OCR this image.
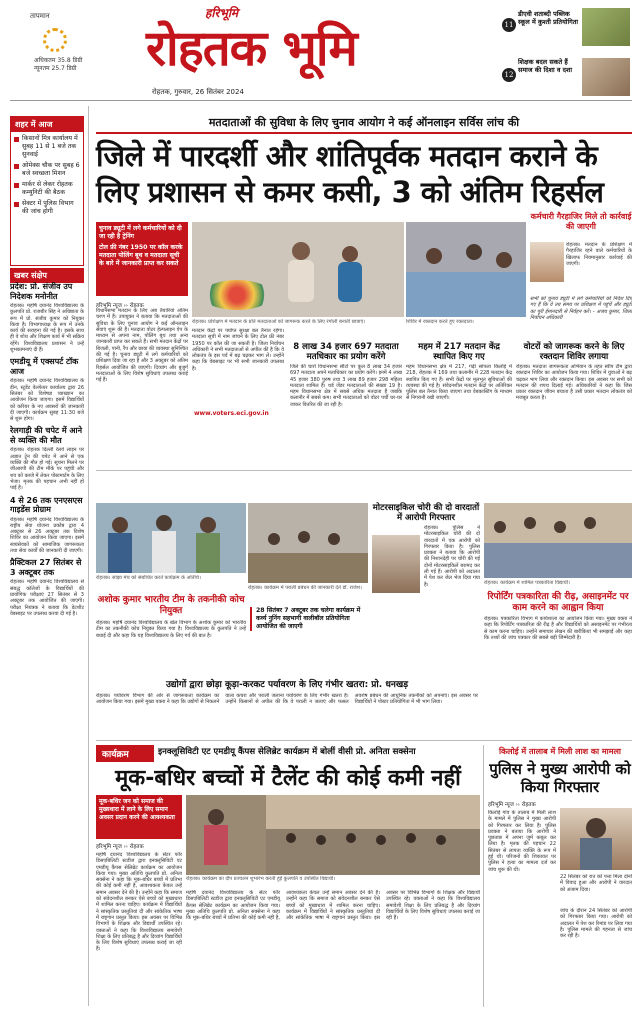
तापमान
अधिकतम 35.8 डिग्री
न्यूनतम 25.7 डिग्री
हरिभूमि
रोहतक भूमि
रोहतक, गुरुवार, 26 सितंबर 2024
11
डीएवी शताब्दी पब्लिक स्कूल में कुश्ती प्रतियोगिता
12
शिक्षक बदल सकते हैं समाज की दिशा व दशा
शहर में आज
किसानों मित्र कार्यालय में सुबह 11 से 1 बजे तक सुनवाई
ओमेक्स चौक पर सुबह 6 बजे स्वच्छता मिशन
मार्कर से लेकर रोहतक कम्युनिटी की बैठक
सेक्टर में पुलिस विभाग की जांच होगी
खबर संक्षेप
प्रदेश: प्रो. संजीव उप निदेशक मनोनीत
रोहतक। महर्षि दयानंद विश्वविद्यालय के कुलपति प्रो. राजबीर सिंह ने अधिष्ठाता के रूप में प्रो. संजीव कुमार को नियुक्त किया है। विभागाध्यक्ष के रूप में उनके कार्य की सराहना की गई है। इसके साथ ही वे शोध और शिक्षण कार्य में भी सक्रिय रहेंगे। विश्वविद्यालय प्रशासन ने उन्हें शुभकामनाएं दी हैं।
एमडीयू में एक्सपर्ट टॉक आज
रोहतक। महर्षि दयानंद विश्वविद्यालय के डीन, स्टूडेंट वेलफेयर कार्यालय द्वारा 26 सितंबर को विशेषज्ञ व्याख्यान का आयोजन किया जाएगा। इसमें विद्यार्थियों को करियर के नए अवसरों की जानकारी दी जाएगी। कार्यक्रम सुबह 11:30 बजे से शुरू होगा।
रेलगाड़ी की चपेट में आने से व्यक्ति की मौत
रोहतक। रोहतक दिल्ली रेलवे लाइन पर अज्ञात ट्रेन की चपेट में आने से एक व्यक्ति की मौत हो गई। सूचना मिलने पर जीआरपी की टीम मौके पर पहुंची और शव को कब्जे में लेकर पोस्टमार्टम के लिए भेजा। मृतक की पहचान अभी नहीं हो पाई है।
4 से 26 तक एनएसएस गाइडेंस प्रोग्राम
रोहतक। महर्षि दयानंद विश्वविद्यालय के राष्ट्रीय सेवा योजना प्रकोष्ठ द्वारा 4 अक्टूबर से 26 अक्टूबर तक विशेष शिविर का आयोजन किया जाएगा। इसमें स्वयंसेवकों को सामाजिक जागरूकता तथा सेवा कार्यों की जानकारी दी जाएगी।
प्रैक्टिकल 27 सितंबर से 3 अक्टूबर तक
रोहतक। महर्षि दयानंद विश्वविद्यालय से संबद्ध कॉलेजों के विद्यार्थियों की प्रायोगिक परीक्षाएं 27 सितंबर से 3 अक्टूबर तक आयोजित की जाएंगी। परीक्षा नियंत्रक ने बताया कि डेटशीट वेबसाइट पर उपलब्ध करवा दी गई है।
मतदाताओं की सुविधा के लिए चुनाव आयोग ने कई ऑनलाइन सर्विस लांच की
जिले में पारदर्शी और शांतिपूर्वक मतदान कराने के लिए प्रशासन से कमर कसी, 3 को अंतिम रिहर्सल
चुनाव ड्यूटी में लगे कर्मचारियों को दी जा रही है ट्रेनिंग
टोल फ्री नंबर 1950 पर कॉल करके मतदाता पोलिंग बूथ व मतदाता सूची के बारे में जानकारी प्राप्त कर सकते
हरिभूमि न्यूज ›› रोहतक
रोहतक। प्रशिक्षण में मतदान के प्रति मतदाताओं को जागरूक करते के लिए रंगोली बनाती छात्राएं।	शिविर में रक्तदान करते हुए रक्तदाता।
कर्मचारी गैरहाजिर मिले तो कार्रवाई की जाएगी
रोहतक। मतदान के प्रशिक्षण में गैरहाजिर रहने वाले कर्मचारियों के खिलाफ नियमानुसार कार्रवाई की जाएगी।
सभी को चुनाव ड्यूटी में लगे कर्मचारियों को निर्देश दिए गए हैं कि वे तय समय पर प्रशिक्षण में पहुंचें और ड्यूटी का पूरी ईमानदारी से निर्वहन करें। - अजय कुमार, जिला निर्वाचन अधिकारी
विधानसभा मतदान के लिए अब तैयारियां अंतिम चरण में हैं। उपायुक्त ने बताया कि मतदाताओं की सुविधा के लिए चुनाव आयोग ने कई ऑनलाइन सेवाएं शुरू की हैं। मतदाता वोटर हेल्पलाइन ऐप के माध्यम से अपना नाम, पोलिंग बूथ तथा अन्य जानकारी प्राप्त कर सकते हैं। सभी मतदान केंद्रों पर बिजली, पानी, रैंप और छाया की व्यवस्था सुनिश्चित की गई है। चुनाव ड्यूटी में लगे कर्मचारियों को प्रशिक्षण दिया जा रहा है और 3 अक्टूबर को अंतिम रिहर्सल आयोजित की जाएगी। दिव्यांग और बुजुर्ग मतदाताओं के लिए विशेष सुविधाएं उपलब्ध कराई गई हैं।
मतदान केंद्रों पर पर्याप्त सुरक्षा बल तैनात रहेगा। मतदाता सूची में नाम जांचने के लिए टोल फ्री नंबर 1950 पर कॉल की जा सकती है। जिला निर्वाचन अधिकारी ने सभी मतदाताओं से अपील की है कि वे लोकतंत्र के इस पर्व में बढ़ चढ़कर भाग लें। उन्होंने कहा कि वेबसाइट पर भी सभी जानकारी उपलब्ध है।
www.voters.eci.gov.in
8 लाख 34 हजार 697 मतदाता मतधिकार का प्रयोग करेंगे
जिले की चारों विधानसभा सीटों पर कुल 8 लाख 34 हजार 697 मतदाता अपने मताधिकार का प्रयोग करेंगे। इनमें 4 लाख 45 हजार 380 पुरुष तथा 3 लाख 89 हजार 298 महिला मतदाता शामिल हैं। थर्ड जेंडर मतदाताओं की संख्या 19 है। महम विधानसभा क्षेत्र में सबसे अधिक मतदाता हैं जबकि कलानौर में सबसे कम। सभी मतदाताओं को वोटर पर्ची घर-घर जाकर वितरित की जा रही है।
महम में 217 मतदान केंद्र स्थापित किए गए
महम विधानसभा क्षेत्र में 217, गढ़ी सांपला किलोई में 218, रोहतक में 169 तथा कलानौर में 228 मतदान केंद्र स्थापित किए गए हैं। सभी केंद्रों पर मूलभूत सुविधाओं की व्यवस्था की गई है। संवेदनशील मतदान केंद्रों पर अतिरिक्त पुलिस बल तैनात किया जाएगा तथा वेबकास्टिंग के माध्यम से निगरानी रखी जाएगी।
वोटरों को जागरूक करने के लिए रक्तदान शिविर लगाया
रोहतक। मतदाता जागरूकता अभियान के तहत स्वीप टीम द्वारा रक्तदान शिविर का आयोजन किया गया। शिविर में युवाओं ने बढ़ चढ़कर भाग लिया और रक्तदान किया। इस अवसर पर सभी को मतदान की शपथ दिलाई गई। अधिकारियों ने कहा कि जिस प्रकार रक्तदान जीवन बचाता है उसी प्रकार मतदान लोकतंत्र को मजबूत करता है।
रोहतक। सांझा मंच को संबोधित करते कार्यक्रम के अतिथि।
रोहतक। कार्यक्रम में पराली प्रबंधन की जानकारी देते डॉ. राजेश।
मोटरसाइकिल चोरी की दो वारदातों में आरोपी गिरफ्तार
रोहतक। पुलिस ने मोटरसाइकिल चोरी की दो वारदातों में एक आरोपी को गिरफ्तार किया है। पुलिस प्रवक्ता ने बताया कि आरोपी की निशानदेही पर चोरी की गई दोनों मोटरसाइकिलें बरामद कर ली गई हैं। आरोपी को अदालत में पेश कर जेल भेज दिया गया है।	रोहतक। कार्यक्रम में शामिल पत्रकारिता विद्यार्थी।
अशोक कुमार भारतीय टीम के तकनीकी कोच नियुक्त
रोहतक। महर्षि दयानंद विश्वविद्यालय के खेल विभाग के अशोक कुमार को भारतीय टीम का तकनीकी कोच नियुक्त किया गया है। विश्वविद्यालय के कुलपति ने उन्हें बधाई दी और कहा कि यह विश्वविद्यालय के लिए गर्व की बात है।
28 सितंबर 7 अक्टूबर तक चलेगा कार्यक्रम में कर्व्य नुनिंग सहभागी वालीबॉल प्रतियोगिता आयोजित की जाएगी
रिपोर्टिंग पत्रकारिता की रीढ़, असाइनमेंट पर काम करने का आह्वान किया
रोहतक। पत्रकारिता विभाग में कार्यशाला का आयोजन किया गया। मुख्य वक्ता ने कहा कि रिपोर्टिंग पत्रकारिता की रीढ़ है और विद्यार्थियों को असाइनमेंट पर गंभीरता से काम करना चाहिए। उन्होंने समाचार लेखन की बारीकियां भी समझाईं और कहा कि तथ्यों की जांच पत्रकार की सबसे बड़ी जिम्मेदारी है।
उद्योगों द्वारा छोड़ा कूड़ा-करकट पर्यावरण के लिए गंभीर खतरा: प्रो. धनखड़
रोहतक। पर्यावरण विभाग की ओर से जागरूकता कार्यक्रम का आयोजन किया गया। इसमें मुख्य वक्ता ने कहा कि उद्योगों से निकलने वाला कचरा और पराली जलाना पर्यावरण के लिए गंभीर खतरा है। उन्होंने किसानों से अपील की कि वे पराली न जलाएं और फसल अवशेष प्रबंधन की आधुनिक तकनीकों को अपनाएं। इस अवसर पर विद्यार्थियों ने पोस्टर प्रतियोगिता में भी भाग लिया।
कार्यक्रम	इनक्लूसिविटी एट एमडीयू कैंपस सेलिब्रेट कार्यक्रम में बोलीं वीसी प्रो. अनिता सक्सेना
मूक-बधिर बच्चों में टैलेंट की कोई कमी नहीं
मूक-बधिर जन को समाज की मुख्यधारा में लाने के लिए समान अवसर प्रदान करने की आवश्यकता
हरिभूमि न्यूज ›› रोहतक
रोहतक। कार्यक्रम का दीप प्रज्वलन शुभारंभ करती हुईं कुलपति व उपस्थित विद्यार्थी।
महर्षि दयानंद विश्वविद्यालय के सेंटर फॉर डिसएबिलिटी स्टडीज द्वारा इनक्लूसिविटी एट एमडीयू कैंपस सेलिब्रेट कार्यक्रम का आयोजन किया गया। मुख्य अतिथि कुलपति प्रो. अनिता सक्सेना ने कहा कि मूक-बधिर बच्चों में प्रतिभा की कोई कमी नहीं है, आवश्यकता केवल उन्हें समान अवसर देने की है। उन्होंने कहा कि समाज को संवेदनशील बनकर ऐसे बच्चों को मुख्यधारा में शामिल करना चाहिए। कार्यक्रम में विद्यार्थियों ने सांस्कृतिक प्रस्तुतियां दीं और सांकेतिक भाषा में राष्ट्रगान प्रस्तुत किया। इस अवसर पर विभिन्न विभागों के शिक्षक और विद्यार्थी उपस्थित रहे। वक्ताओं ने कहा कि विश्वविद्यालय समावेशी शिक्षा के लिए प्रतिबद्ध है और दिव्यांग विद्यार्थियों के लिए विशेष सुविधाएं उपलब्ध कराई जा रही हैं।
महर्षि दयानंद विश्वविद्यालय के सेंटर फॉर डिसएबिलिटी स्टडीज द्वारा इनक्लूसिविटी एट एमडीयू कैंपस सेलिब्रेट कार्यक्रम का आयोजन किया गया। मुख्य अतिथि कुलपति प्रो. अनिता सक्सेना ने कहा कि मूक-बधिर बच्चों में प्रतिभा की कोई कमी नहीं है, आवश्यकता केवल उन्हें समान अवसर देने की है। उन्होंने कहा कि समाज को संवेदनशील बनकर ऐसे बच्चों को मुख्यधारा में शामिल करना चाहिए। कार्यक्रम में विद्यार्थियों ने सांस्कृतिक प्रस्तुतियां दीं और सांकेतिक भाषा में राष्ट्रगान प्रस्तुत किया। इस अवसर पर विभिन्न विभागों के शिक्षक और विद्यार्थी उपस्थित रहे। वक्ताओं ने कहा कि विश्वविद्यालय समावेशी शिक्षा के लिए प्रतिबद्ध है और दिव्यांग विद्यार्थियों के लिए विशेष सुविधाएं उपलब्ध कराई जा रही हैं।
किलोई में तालाब में मिली लाश का मामला
पुलिस ने मुख्य आरोपी को किया गिरफ्तार
हरिभूमि न्यूज ›› रोहतक
किलोई गांव के तालाब में मिली लाश के मामले में पुलिस ने मुख्य आरोपी को गिरफ्तार कर लिया है। पुलिस प्रवक्ता ने बताया कि आरोपी ने पूछताछ में अपना जुर्म कबूल कर लिया है। मृतक की पहचान 22 सितंबर से लापता व्यक्ति के रूप में हुई थी। परिजनों की शिकायत पर पुलिस ने हत्या का मामला दर्ज कर जांच शुरू की थी।
22 सितंबर को रात को पत्ता मिला दोनों में विवाद हुआ और आरोपी ने वारदात को अंजाम दिया।
जांच के दौरान 24 सितंबर को आरोपी को गिरफ्तार किया गया। आरोपी को अदालत में पेश कर रिमांड पर लिया गया है। पुलिस मामले की गहनता से जांच कर रही है।
